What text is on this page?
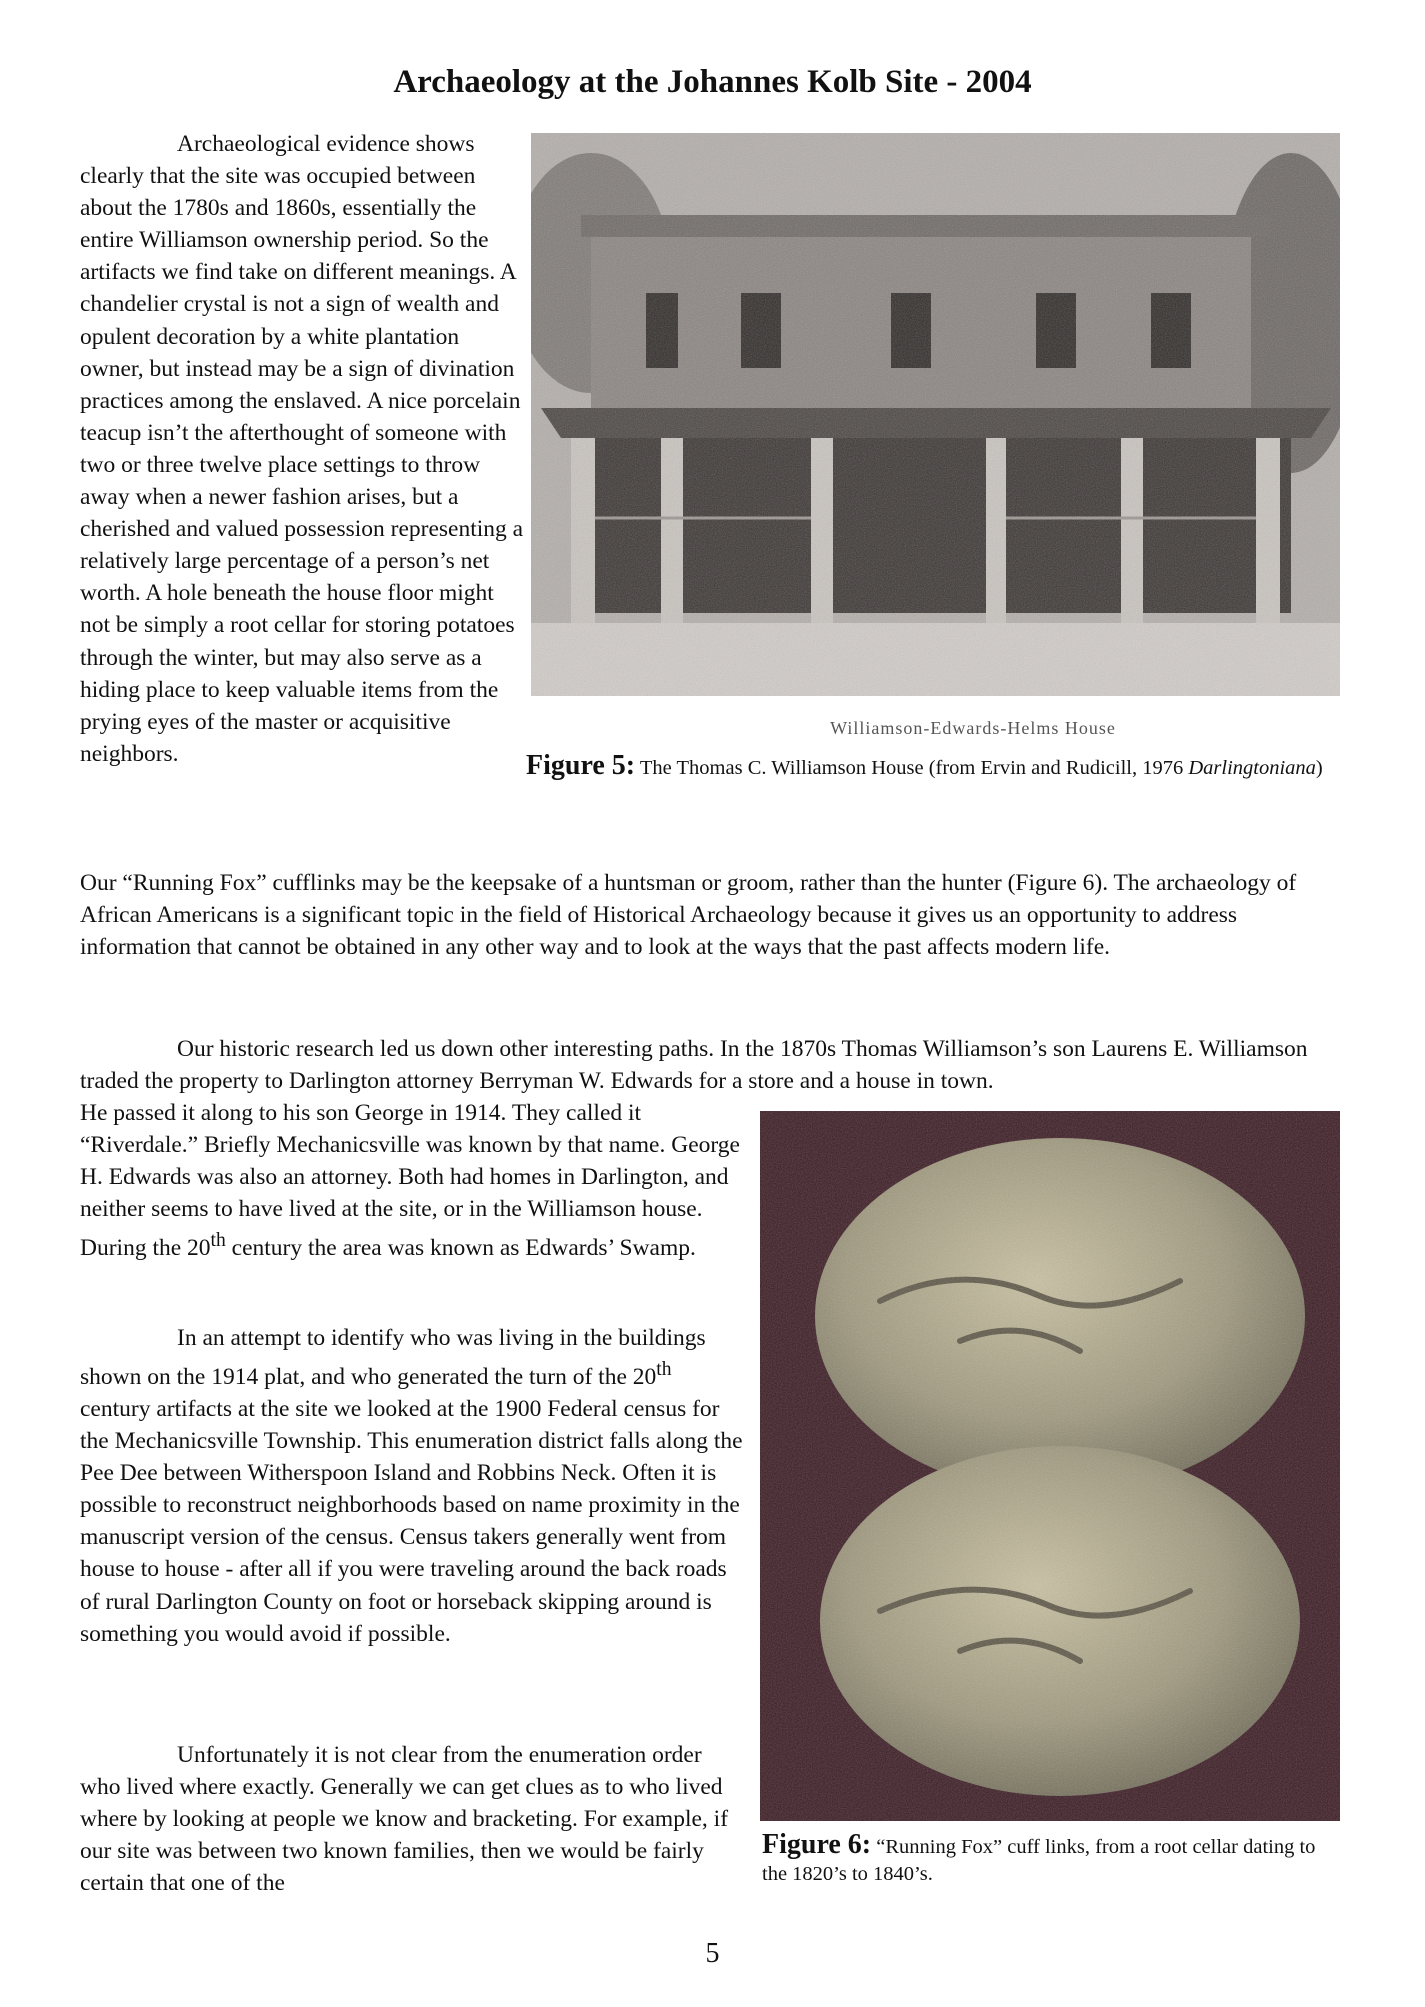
Archaeology at the Johannes Kolb Site - 2004

Archaeological evidence shows clearly that the site was occupied between about the 1780s and 1860s, essentially the entire Williamson ownership period. So the artifacts we find take on different meanings. A chandelier crystal is not a sign of wealth and opulent decoration by a white plantation owner, but instead may be a sign of divination practices among the enslaved. A nice porcelain teacup isn’t the afterthought of someone with two or three twelve place settings to throw away when a newer fashion arises, but a cherished and valued possession representing a relatively large percentage of a person’s net worth. A hole beneath the house floor might not be simply a root cellar for storing potatoes through the winter, but may also serve as a hiding place to keep valuable items from the prying eyes of the master or acquisitive neighbors.

Our “Running Fox” cufflinks may be the keepsake of a huntsman or groom, rather than the hunter (Figure 6). The archaeology of African Americans is a significant topic in the field of Historical Archaeology because it gives us an opportunity to address information that cannot be obtained in any other way and to look at the ways that the past affects modern life.

Our historic research led us down other interesting paths. In the 1870s Thomas Williamson’s son Laurens E. Williamson traded the property to Darlington attorney Berryman W. Edwards for a store and a house in town.

He passed it along to his son George in 1914. They called it “Riverdale.” Briefly Mechanicsville was known by that name. George H. Edwards was also an attorney. Both had homes in Darlington, and neither seems to have lived at the site, or in the Williamson house. During the 20th century the area was known as Edwards’ Swamp.

In an attempt to identify who was living in the buildings shown on the 1914 plat, and who generated the turn of the 20th century artifacts at the site we looked at the 1900 Federal census for the Mechanicsville Township. This enumeration district falls along the Pee Dee between Witherspoon Island and Robbins Neck. Often it is possible to reconstruct neighborhoods based on name proximity in the manuscript version of the census. Census takers generally went from house to house - after all if you were traveling around the back roads of rural Darlington County on foot or horseback skipping around is something you would avoid if possible.

Unfortunately it is not clear from the enumeration order who lived where exactly. Generally we can get clues as to who lived where by looking at people we know and bracketing. For example, if our site was between two known families, then we would be fairly certain that one of the

Williamson-Edwards-Helms House
Figure 5: The Thomas C. Williamson House (from Ervin and Rudicill, 1976 Darlingtoniana)
Figure 6: “Running Fox” cuff links, from a root cellar dating to the 1820’s to 1840’s.
5
